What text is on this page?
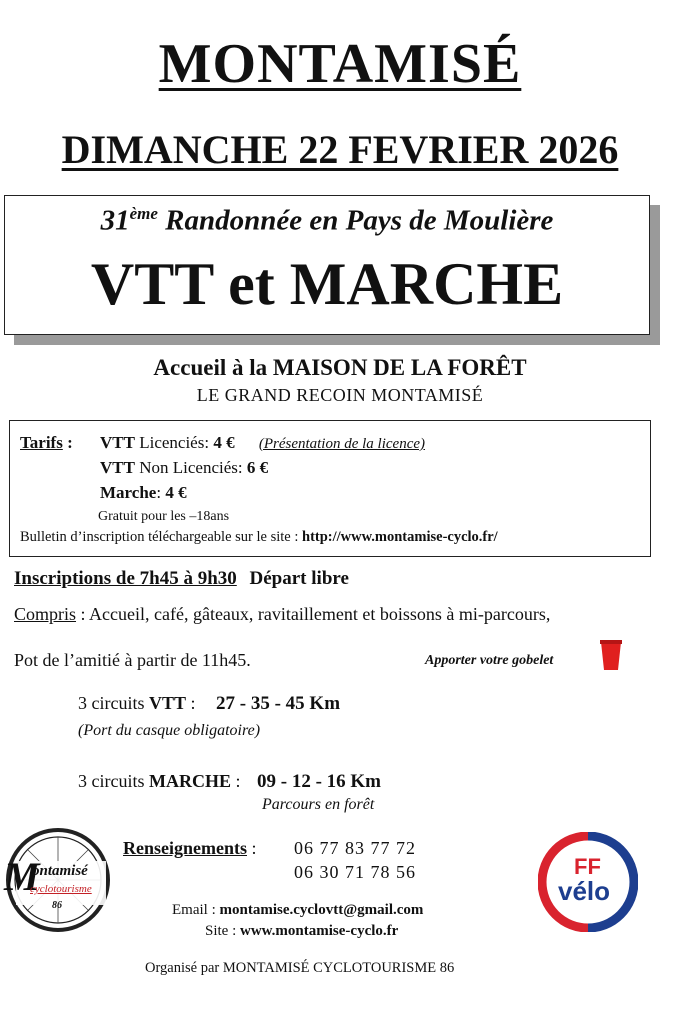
MONTAMISÉ
DIMANCHE 22 FEVRIER 2026
31ème Randonnée en Pays de Moulière
VTT et MARCHE
Accueil à la MAISON DE LA FORÊT
LE GRAND RECOIN MONTAMISÉ
Tarifs : VTT Licenciés: 4 € (Présentation de la licence)
VTT Non Licenciés: 6 €
Marche: 4 €
Gratuit pour les –18ans
Bulletin d’inscription téléchargeable sur le site : http://www.montamise-cyclo.fr/
Inscriptions de 7h45 à 9h30 Départ libre
Compris : Accueil, café, gâteaux, ravitaillement et boissons à mi-parcours,
Pot de l’amitié à partir de 11h45.	Apporter votre gobelet
3 circuits VTT : 27 - 35 - 45 Km
(Port du casque obligatoire)
3 circuits MARCHE : 09 - 12 - 16 Km
Parcours en forêt
Renseignements : 06 77 83 77 72
06 30 71 78 56
Email : montamise.cyclovtt@gmail.com
Site : www.montamise-cyclo.fr
Organisé par MONTAMISÉ CYCLOTOURISME 86
M
ontamisé
cyclotourisme
86
FF
vélo
